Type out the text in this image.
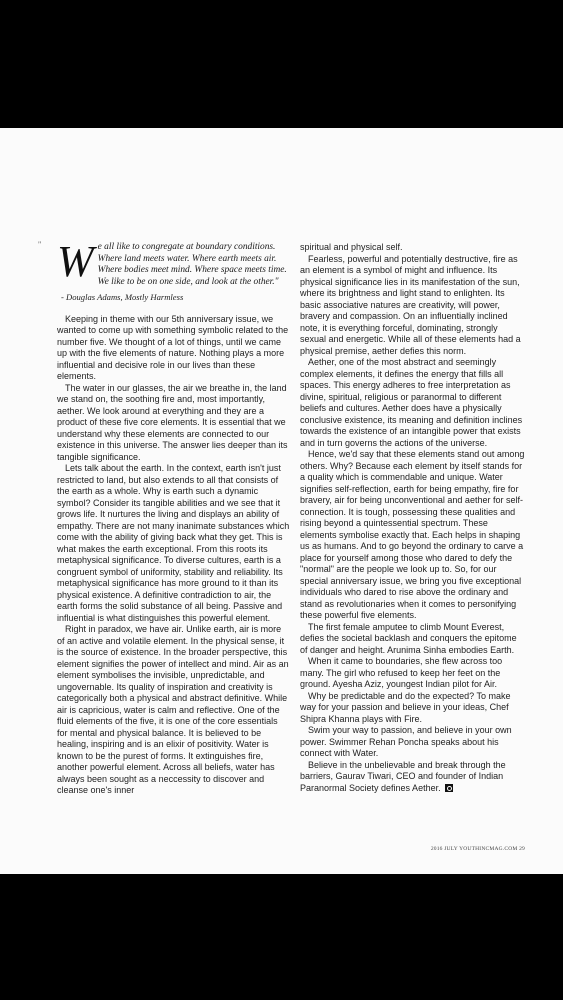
" We all like to congregate at boundary conditions. Where land meets water. Where earth meets air. Where bodies meet mind. Where space meets time. We like to be on one side, and look at the other."
- Douglas Adams, Mostly Harmless

Keeping in theme with our 5th anniversary issue, we wanted to come up with something symbolic related to the number five. We thought of a lot of things, until we came up with the five elements of nature. Nothing plays a more influential and decisive role in our lives than these elements.

The water in our glasses, the air we breathe in, the land we stand on, the soothing fire and, most importantly, aether. We look around at everything and they are a product of these five core elements. It is essential that we understand why these elements are connected to our existence in this universe. The answer lies deeper than its tangible significance.

Lets talk about the earth. In the context, earth isn't just restricted to land, but also extends to all that consists of the earth as a whole. Why is earth such a dynamic symbol? Consider its tangible abilities and we see that it grows life. It nurtures the living and displays an ability of empathy. There are not many inanimate substances which come with the ability of giving back what they get. This is what makes the earth exceptional. From this roots its metaphysical significance. To diverse cultures, earth is a congruent symbol of uniformity, stability and reliability. Its metaphysical significance has more ground to it than its physical existence. A definitive contradiction to air, the earth forms the solid substance of all being. Passive and influential is what distinguishes this powerful element.

Right in paradox, we have air. Unlike earth, air is more of an active and volatile element. In the physical sense, it is the source of existence. In the broader perspective, this element signifies the power of intellect and mind. Air as an element symbolises the invisible, unpredictable, and ungovernable. Its quality of inspiration and creativity is categorically both a physical and abstract definitive. While air is capricious, water is calm and reflective. One of the fluid elements of the five, it is one of the core essentials for mental and physical balance. It is believed to be healing, inspiring and is an elixir of positivity. Water is known to be the purest of forms. It extinguishes fire, another powerful element. Across all beliefs, water has always been sought as a neccessity to discover and cleanse one's inner

spiritual and physical self.

Fearless, powerful and potentially destructive, fire as an element is a symbol of might and influence. Its physical significance lies in its manifestation of the sun, where its brightness and light stand to enlighten. Its basic associative natures are creativity, will power, bravery and compassion. On an influentially inclined note, it is everything forceful, dominating, strongly sexual and energetic. While all of these elements had a physical premise, aether defies this norm.

Aether, one of the most abstract and seemingly complex elements, it defines the energy that fills all spaces. This energy adheres to free interpretation as divine, spiritual, religious or paranormal to different beliefs and cultures. Aether does have a physically conclusive existence, its meaning and definition inclines towards the existence of an intangible power that exists and in turn governs the actions of the universe.

Hence, we'd say that these elements stand out among others. Why? Because each element by itself stands for a quality which is commendable and unique. Water signifies self-reflection, earth for being empathy, fire for bravery, air for being unconventional and aether for self-connection. It is tough, possessing these qualities and rising beyond a quintessential spectrum. These elements symbolise exactly that. Each helps in shaping us as humans. And to go beyond the ordinary to carve a place for yourself among those who dared to defy the "normal" are the people we look up to. So, for our special anniversary issue, we bring you five exceptional individuals who dared to rise above the ordinary and stand as revolutionaries when it comes to personifying these powerful five elements.

The first female amputee to climb Mount Everest, defies the societal backlash and conquers the epitome of danger and height. Arunima Sinha embodies Earth.

When it came to boundaries, she flew across too many. The girl who refused to keep her feet on the ground. Ayesha Aziz, youngest Indian pilot for Air.

Why be predictable and do the expected? To make way for your passion and believe in your ideas, Chef Shipra Khanna plays with Fire.

Swim your way to passion, and believe in your own power. Swimmer Rehan Poncha speaks about his connect with Water.

Believe in the unbelievable and break through the barriers, Gaurav Tiwari, CEO and founder of Indian Paranormal Society defines Aether.

2016 JULY YOUTHINCMAG.COM 29
